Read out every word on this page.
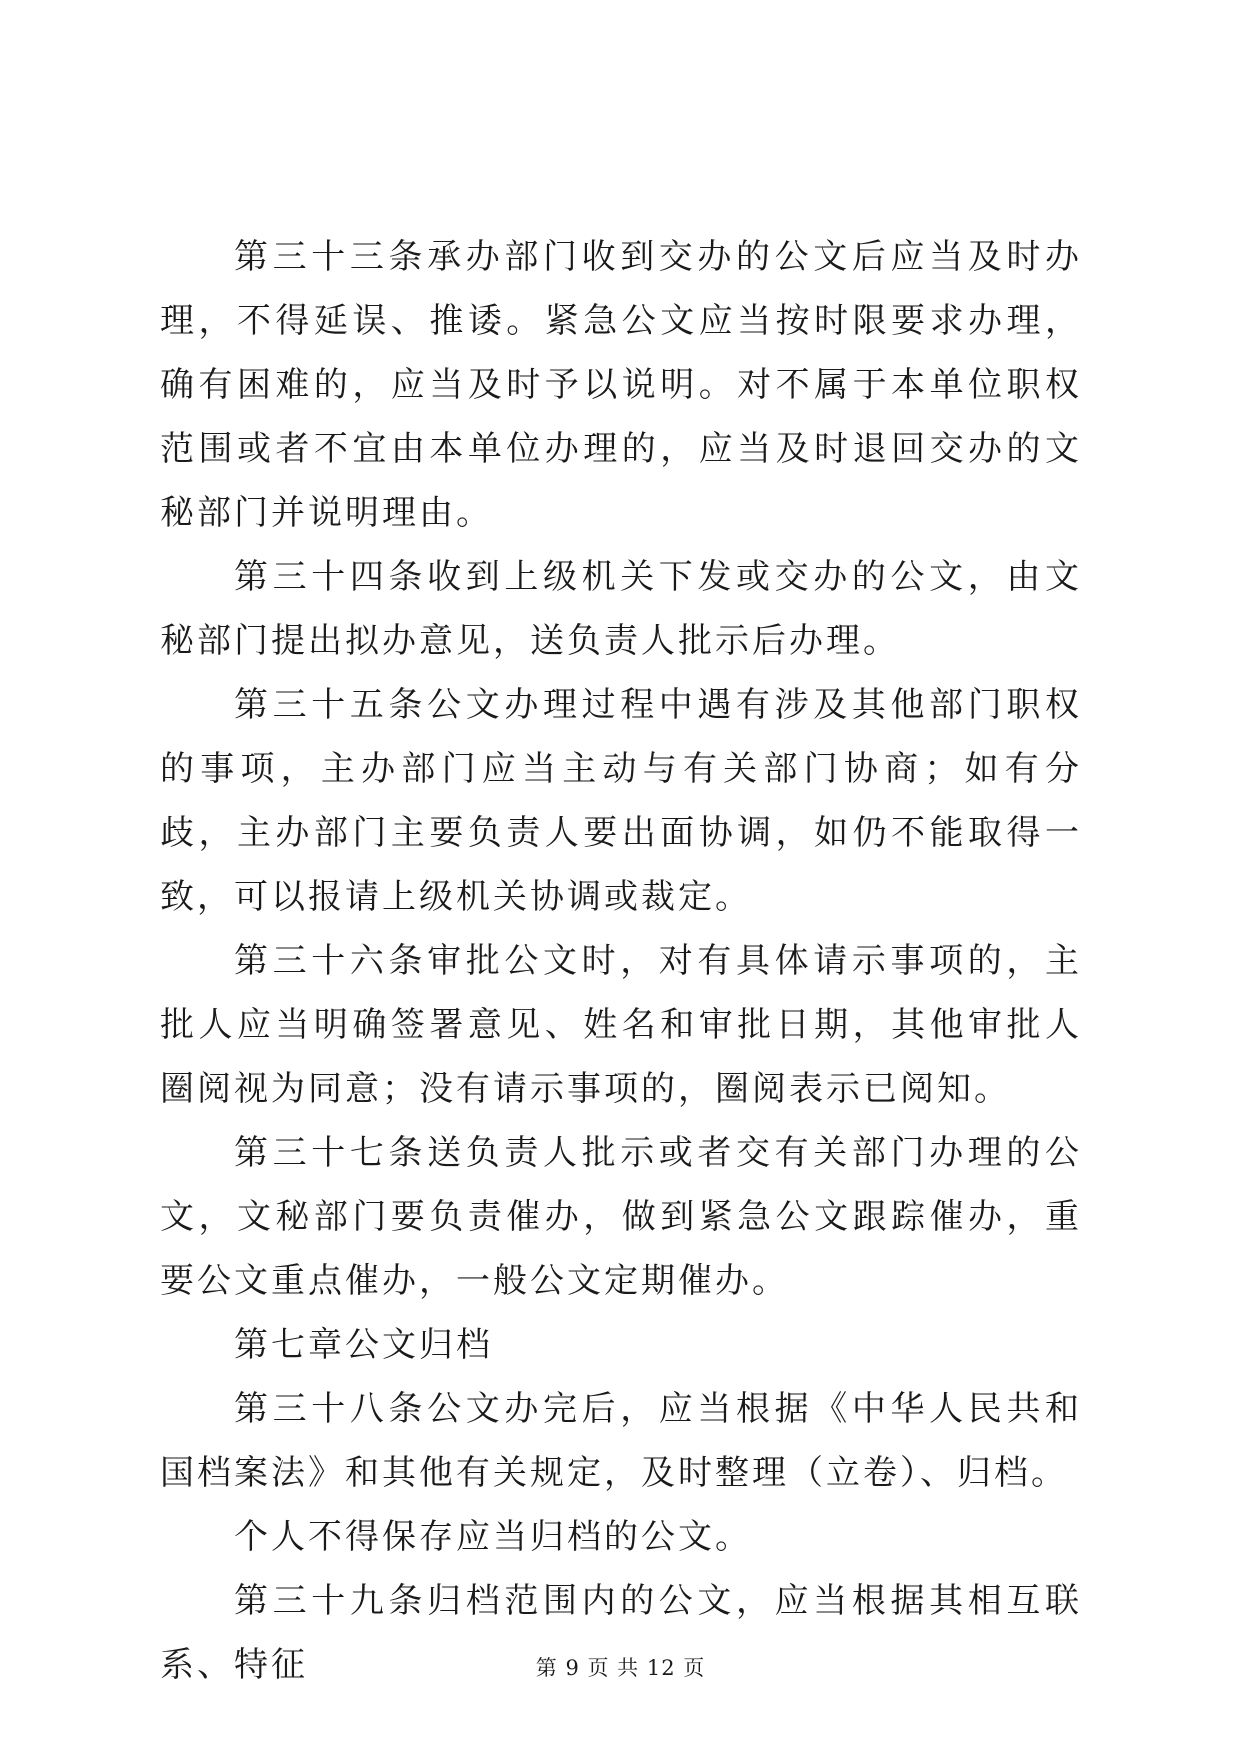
第三十三条承办部门收到交办的公文后应当及时办理，不得延误、推诿。紧急公文应当按时限要求办理，确有困难的，应当及时予以说明。对不属于本单位职权范围或者不宜由本单位办理的，应当及时退回交办的文秘部门并说明理由。

第三十四条收到上级机关下发或交办的公文，由文秘部门提出拟办意见，送负责人批示后办理。

第三十五条公文办理过程中遇有涉及其他部门职权的事项，主办部门应当主动与有关部门协商；如有分歧，主办部门主要负责人要出面协调，如仍不能取得一致，可以报请上级机关协调或裁定。

第三十六条审批公文时，对有具体请示事项的，主批人应当明确签署意见、姓名和审批日期，其他审批人圈阅视为同意；没有请示事项的，圈阅表示已阅知。

第三十七条送负责人批示或者交有关部门办理的公文，文秘部门要负责催办，做到紧急公文跟踪催办，重要公文重点催办，一般公文定期催办。

第七章公文归档

第三十八条公文办完后，应当根据《中华人民共和国档案法》和其他有关规定，及时整理（立卷）、归档。

个人不得保存应当归档的公文。

第三十九条归档范围内的公文，应当根据其相互联系、特征	第 9 页 共 12 页
